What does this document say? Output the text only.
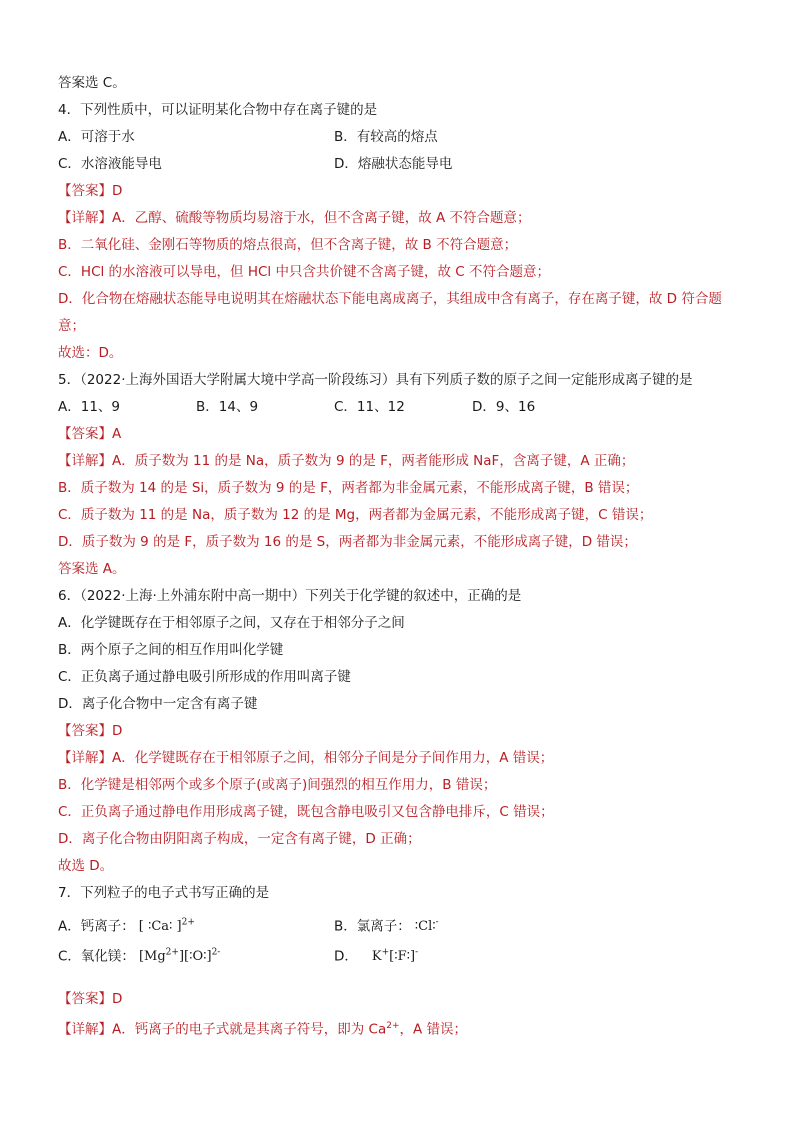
答案选 C。
4．下列性质中，可以证明某化合物中存在离子键的是
A．可溶于水	B．有较高的熔点
C．水溶液能导电	D．熔融状态能导电
【答案】D
【详解】A．乙醇、硫酸等物质均易溶于水，但不含离子键，故 A 不符合题意；
B．二氧化硅、金刚石等物质的熔点很高，但不含离子键，故 B 不符合题意；
C．HCl 的水溶液可以导电，但 HCl 中只含共价键不含离子键，故 C 不符合题意；
D．化合物在熔融状态能导电说明其在熔融状态下能电离成离子，其组成中含有离子，存在离子键，故 D 符合题
意；
故选：D。
5．（2022·上海外国语大学附属大境中学高一阶段练习）具有下列质子数的原子之间一定能形成离子键的是
A．11、9	B．14、9	C．11、12	D．9、16
【答案】A
【详解】A．质子数为 11 的是 Na，质子数为 9 的是 F，两者能形成 NaF，含离子键，A 正确；
B．质子数为 14 的是 Si，质子数为 9 的是 F，两者都为非金属元素，不能形成离子键，B 错误；
C．质子数为 11 的是 Na，质子数为 12 的是 Mg，两者都为金属元素，不能形成离子键，C 错误；
D．质子数为 9 的是 F，质子数为 16 的是 S，两者都为非金属元素，不能形成离子键，D 错误；
答案选 A。
6．（2022·上海·上外浦东附中高一期中）下列关于化学键的叙述中，正确的是
A．化学键既存在于相邻原子之间，又存在于相邻分子之间
B．两个原子之间的相互作用叫化学键
C．正负离子通过静电吸引所形成的作用叫离子键
D．离子化合物中一定含有离子键
【答案】D
【详解】A．化学键既存在于相邻原子之间，相邻分子间是分子间作用力，A 错误；
B．化学键是相邻两个或多个原子(或离子)间强烈的相互作用力，B 错误；
C．正负离子通过静电作用形成离子键，既包含静电吸引又包含静电排斥，C 错误；
D．离子化合物由阴阳离子构成，一定含有离子键，D 正确；
故选 D。
7．下列粒子的电子式书写正确的是
A．钙离子： [ ∶Ca∶ ]$^{2+}$	B．氯离子： ∶Cl∶-
C．氧化镁： $[Mg^{2+}][∶O∶]^{2-}$	D． K+[∶F∶]-
【答案】D
【详解】A．钙离子的电子式就是其离子符号，即为 $Ca^{2+}$，A 错误；
